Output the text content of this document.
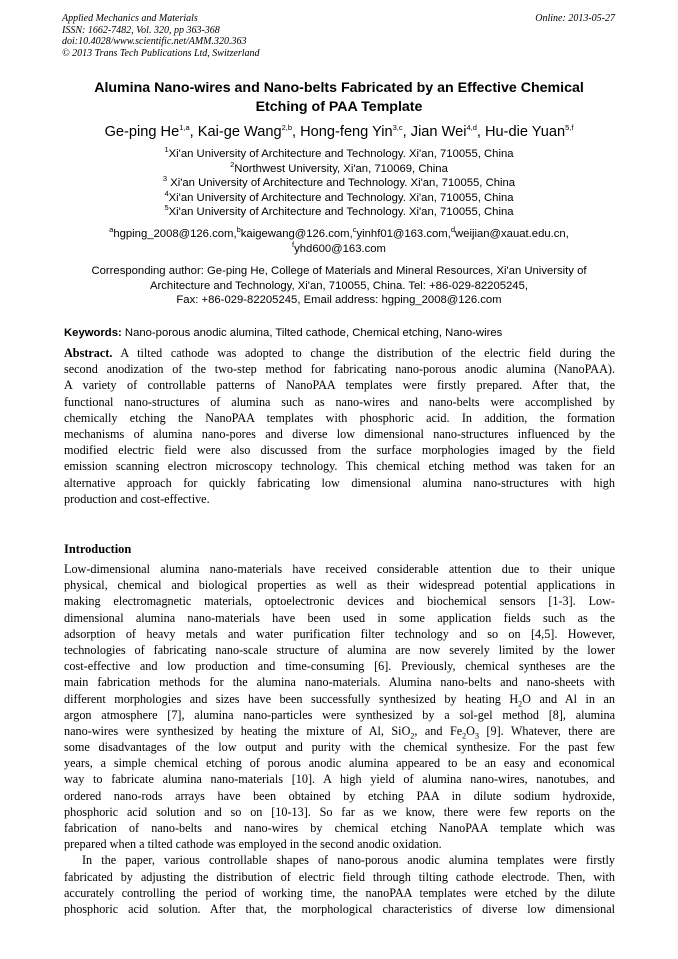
Applied Mechanics and Materials
ISSN: 1662-7482, Vol. 320, pp 363-368
doi:10.4028/www.scientific.net/AMM.320.363
© 2013 Trans Tech Publications Ltd, Switzerland
Online: 2013-05-27
Alumina Nano-wires and Nano-belts Fabricated by an Effective Chemical
Etching of PAA Template
Ge-ping He$^{1,a}$, Kai-ge Wang$^{2,b}$, Hong-feng Yin$^{3,c}$, Jian Wei$^{4,d}$, Hu-die Yuan$^{5,f}$
$^1$Xi'an University of Architecture and Technology. Xi'an, 710055, China
$^2$Northwest University, Xi'an, 710069, China
$^3$ Xi'an University of Architecture and Technology. Xi'an, 710055, China
$^4$Xi'an University of Architecture and Technology. Xi'an, 710055, China
$^5$Xi'an University of Architecture and Technology. Xi'an, 710055, China
$^a$hgping_2008@126.com,$^b$kaigewang@126.com,$^c$yinhf01@163.com,$^d$weijian@xauat.edu.cn,
$^f$yhd600@163.com
Corresponding author: Ge-ping He, College of Materials and Mineral Resources, Xi'an University of
Architecture and Technology, Xi'an, 710055, China. Tel: +86-029-82205245,
Fax: +86-029-82205245, Email address: hgping_2008@126.com
Keywords: Nano-porous anodic alumina, Tilted cathode, Chemical etching, Nano-wires
Abstract. A tilted cathode was adopted to change the distribution of the electric field during the
second anodization of the two-step method for fabricating nano-porous anodic alumina (NanoPAA).
A variety of controllable patterns of NanoPAA templates were firstly prepared. After that, the
functional nano-structures of alumina such as nano-wires and nano-belts were accomplished by
chemically etching the NanoPAA templates with phosphoric acid. In addition, the formation
mechanisms of alumina nano-pores and diverse low dimensional nano-structures influenced by the
modified electric field were also discussed from the surface morphologies imaged by the field
emission scanning electron microscopy technology. This chemical etching method was taken for an
alternative approach for quickly fabricating low dimensional alumina nano-structures with high
production and cost-effective.
Introduction
Low-dimensional alumina nano-materials have received considerable attention due to their unique
physical, chemical and biological properties as well as their widespread potential applications in
making electromagnetic materials, optoelectronic devices and biochemical sensors [1-3]. Low-
dimensional alumina nano-materials have been used in some application fields such as the
adsorption of heavy metals and water purification filter technology and so on [4,5]. However,
technologies of fabricating nano-scale structure of alumina are now severely limited by the lower
cost-effective and low production and time-consuming [6]. Previously, chemical syntheses are the
main fabrication methods for the alumina nano-materials. Alumina nano-belts and nano-sheets with
different morphologies and sizes have been successfully synthesized by heating $H_2O$ and Al in an
argon atmosphere [7], alumina nano-particles were synthesized by a sol-gel method [8], alumina
nano-wires were synthesized by heating the mixture of Al, SiO$_2$, and $Fe_2O_3$ [9]. Whatever, there are
some disadvantages of the low output and purity with the chemical synthesize. For the past few
years, a simple chemical etching of porous anodic alumina appeared to be an easy and economical
way to fabricate alumina nano-materials [10]. A high yield of alumina nano-wires, nanotubes, and
ordered nano-rods arrays have been obtained by etching PAA in dilute sodium hydroxide,
phosphoric acid solution and so on [10-13]. So far as we know, there were few reports on the
fabrication of nano-belts and nano-wires by chemical etching NanoPAA template which was
prepared when a tilted cathode was employed in the second anodic oxidation.
In the paper, various controllable shapes of nano-porous anodic alumina templates were firstly
fabricated by adjusting the distribution of electric field through tilting cathode electrode. Then, with
accurately controlling the period of working time, the nanoPAA templates were etched by the dilute
phosphoric acid solution. After that, the morphological characteristics of diverse low dimensional
